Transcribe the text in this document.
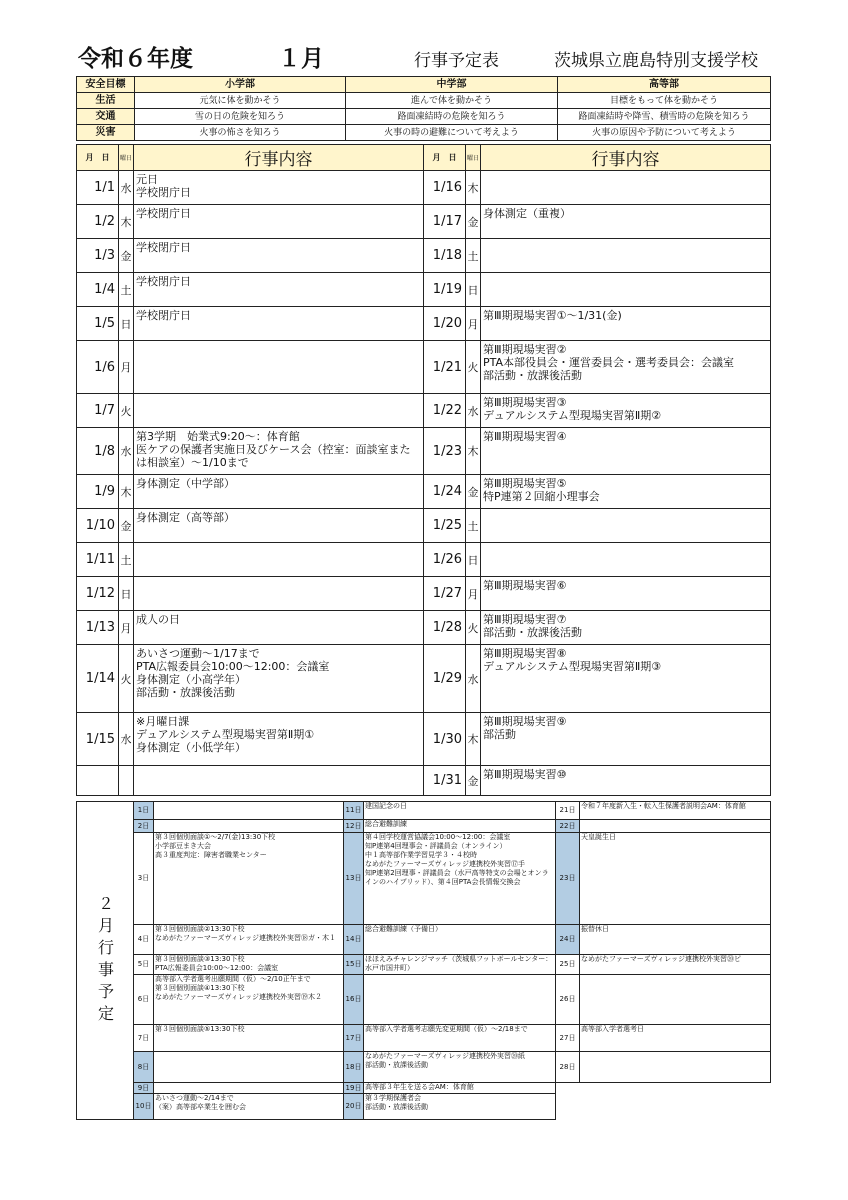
令和６年度	１月	行事予定表	茨城県立鹿島特別支援学校
安全目標	小学部	中学部	高等部
生活	元気に体を動かそう	進んで体を動かそう	目標をもって体を動かそう
交通	雪の日の危険を知ろう	路面凍結時の危険を知ろう	路面凍結時や降雪、積雪時の危険を知ろう
災害	火事の怖さを知ろう	火事の時の避難について考えよう	火事の原因や予防について考えよう
月　日	曜日	行事内容	月　日	曜日	行事内容
1/1	水	元日
学校閉庁日	1/16	木	
1/2	木	学校閉庁日	1/17	金	身体測定（重複）
1/3	金	学校閉庁日	1/18	土	
1/4	土	学校閉庁日	1/19	日	
1/5	日	学校閉庁日	1/20	月	第Ⅲ期現場実習①～1/31(金)
1/6	月		1/21	火	第Ⅲ期現場実習②
PTA本部役員会・運営委員会・選考委員会：会議室
部活動・放課後活動
1/7	火		1/22	水	第Ⅲ期現場実習③
デュアルシステム型現場実習第Ⅱ期②
1/8	水	第3学期　始業式9:20～：体育館
医ケアの保護者実施日及びケース会（控室：面談室または相談室）～1/10まで	1/23	木	第Ⅲ期現場実習④
1/9	木	身体測定（中学部）	1/24	金	第Ⅲ期現場実習⑤
特P連第２回縮小理事会
1/10	金	身体測定（高等部）	1/25	土	
1/11	土		1/26	日	
1/12	日		1/27	月	第Ⅲ期現場実習⑥
1/13	月	成人の日	1/28	火	第Ⅲ期現場実習⑦
部活動・放課後活動
1/14	火	あいさつ運動～1/17まで
PTA広報委員会10:00～12:00：会議室
身体測定（小高学年）
部活動・放課後活動	1/29	水	第Ⅲ期現場実習⑧
デュアルシステム型現場実習第Ⅱ期③
1/15	水	※月曜日課
デュアルシステム型現場実習第Ⅱ期①
身体測定（小低学年）	1/30	木	第Ⅲ期現場実習⑨
部活動
			1/31	金	第Ⅲ期現場実習⑩
２月行事予定	1日		11日	建国記念の日	21日	令和７年度新入生・転入生保護者説明会AM：体育館
	2日		12日	総合避難訓練	22日	
	3日	第３回個別面談①～2/7(金)13:30下校
小学部豆まき大会
高３重度判定：障害者職業センター	13日	第４回学校運営協議会10:00～12:00：会議室
知P連第4回理事会・評議員会（オンライン）
中１高等部作業学習見学３・４校時
なめがたファーマーズヴィレッジ連携校外実習⑰手
知P連第2回理事・評議員会（水戸高等特支の会場とオンラインのハイブリッド）、第４回PTA会長情報交換会	23日	天皇誕生日
	4日	第３回個別面談②13:30下校
なめがたファーマーズヴィレッジ連携校外実習⑱ガ・木１	14日	総合避難訓練（予備日）	24日	振替休日
	5日	第３回個別面談③13:30下校
PTA広報委員会10:00～12:00：会議室	15日	ほほえみチャレンジマッチ（茨城県フットボールセンター：水戸市国井町）	25日	なめがたファーマーズヴィレッジ連携校外実習⑳ピ
	6日	高等部入学者選考出願期間（仮）～2/10正午まで
第３回個別面談④13:30下校
なめがたファーマーズヴィレッジ連携校外実習⑲木２	16日		26日	
	7日	第３回個別面談⑤13:30下校	17日	高等部入学者選考志願先変更期間（仮）～2/18まで	27日	高等部入学者選考日
	8日		18日	なめがたファーマーズヴィレッジ連携校外実習⑳紙
部活動・放課後活動	28日	
	9日		19日	高等部３年生を送る会AM：体育館		
	10日	あいさつ運動～2/14まで
（案）高等部卒業生を囲む会	20日	第３学期保護者会
部活動・放課後活動		
